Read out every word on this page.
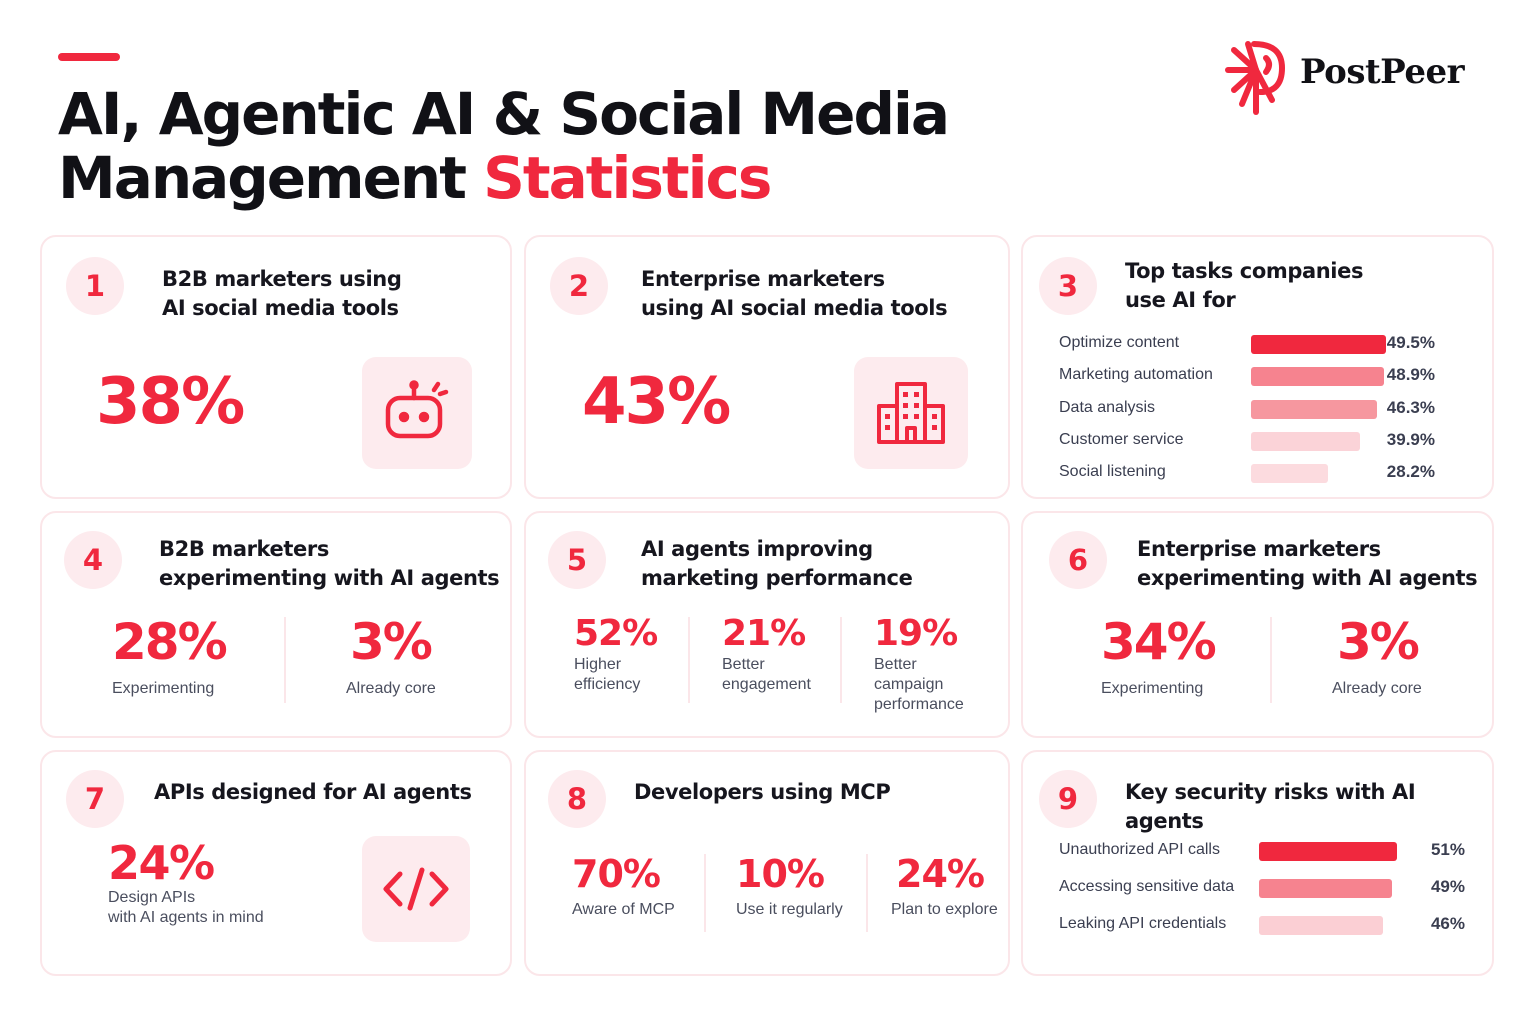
AI, Agentic AI & Social Media
Management Statistics
PostPeer
1	B2B marketers using
AI social media tools
38%
2	Enterprise marketers
using AI social media tools
43%
3	Top tasks companies
use AI for
Optimize content	49.5%
Marketing automation	48.9%
Data analysis	46.3%
Customer service	39.9%
Social listening	28.2%
4	B2B marketers
experimenting with AI agents
28%
Experimenting
3%
Already core
5	AI agents improving
marketing performance
52%
Higher
efficiency
21%
Better
engagement
19%
Better
campaign
performance
6	Enterprise marketers
experimenting with AI agents
34%
Experimenting
3%
Already core
7	APIs designed for AI agents
24%
Design APIs
with AI agents in mind
8	Developers using MCP
70%
Aware of MCP
10%
Use it regularly
24%
Plan to explore
9	Key security risks with AI agents
Unauthorized API calls	51%
Accessing sensitive data	49%
Leaking API credentials	46%
